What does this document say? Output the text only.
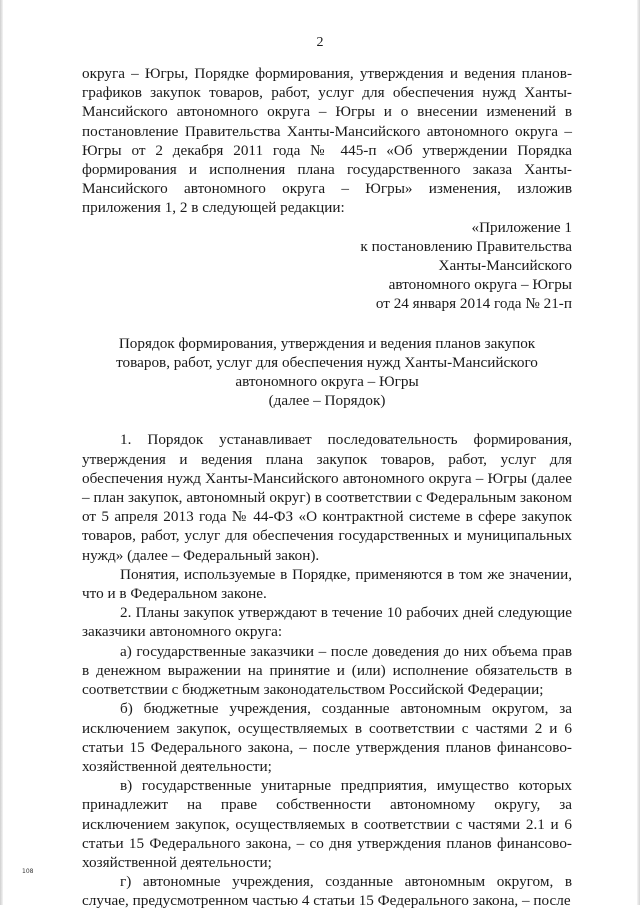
2

округа – Югры, Порядке формирования, утверждения и ведения планов-графиков закупок товаров, работ, услуг для обеспечения нужд Ханты-Мансийского автономного округа – Югры и о внесении изменений в постановление Правительства Ханты-Мансийского автономного округа – Югры от 2 декабря 2011 года № 445-п «Об утверждении Порядка формирования и исполнения плана государственного заказа Ханты-Мансийского автономного округа – Югры» изменения, изложив приложения 1, 2 в следующей редакции:

«Приложение 1
к постановлению Правительства
Ханты-Мансийского
автономного округа – Югры
от 24 января 2014 года № 21-п
Порядок формирования, утверждения и ведения планов закупок
товаров, работ, услуг для обеспечения нужд Ханты-Мансийского
автономного округа – Югры
(далее – Порядок)

1. Порядок устанавливает последовательность формирования, утверждения и ведения плана закупок товаров, работ, услуг для обеспечения нужд Ханты-Мансийского автономного округа – Югры (далее – план закупок, автономный округ) в соответствии с Федеральным законом от 5 апреля 2013 года № 44-ФЗ «О контрактной системе в сфере закупок товаров, работ, услуг для обеспечения государственных и муниципальных нужд» (далее – Федеральный закон).

Понятия, используемые в Порядке, применяются в том же значении, что и в Федеральном законе.

2. Планы закупок утверждают в течение 10 рабочих дней следующие заказчики автономного округа:

а) государственные заказчики – после доведения до них объема прав в денежном выражении на принятие и (или) исполнение обязательств в соответствии с бюджетным законодательством Российской Федерации;

б) бюджетные учреждения, созданные автономным округом, за исключением закупок, осуществляемых в соответствии с частями 2 и 6 статьи 15 Федерального закона, – после утверждения планов финансово-хозяйственной деятельности;

в) государственные унитарные предприятия, имущество которых принадлежит на праве собственности автономному округу, за исключением закупок, осуществляемых в соответствии с частями 2.1 и 6 статьи 15 Федерального закона, – со дня утверждения планов финансово-хозяйственной деятельности;

г) автономные учреждения, созданные автономным округом, в случае, предусмотренном частью 4 статьи 15 Федерального закона, – после

108
